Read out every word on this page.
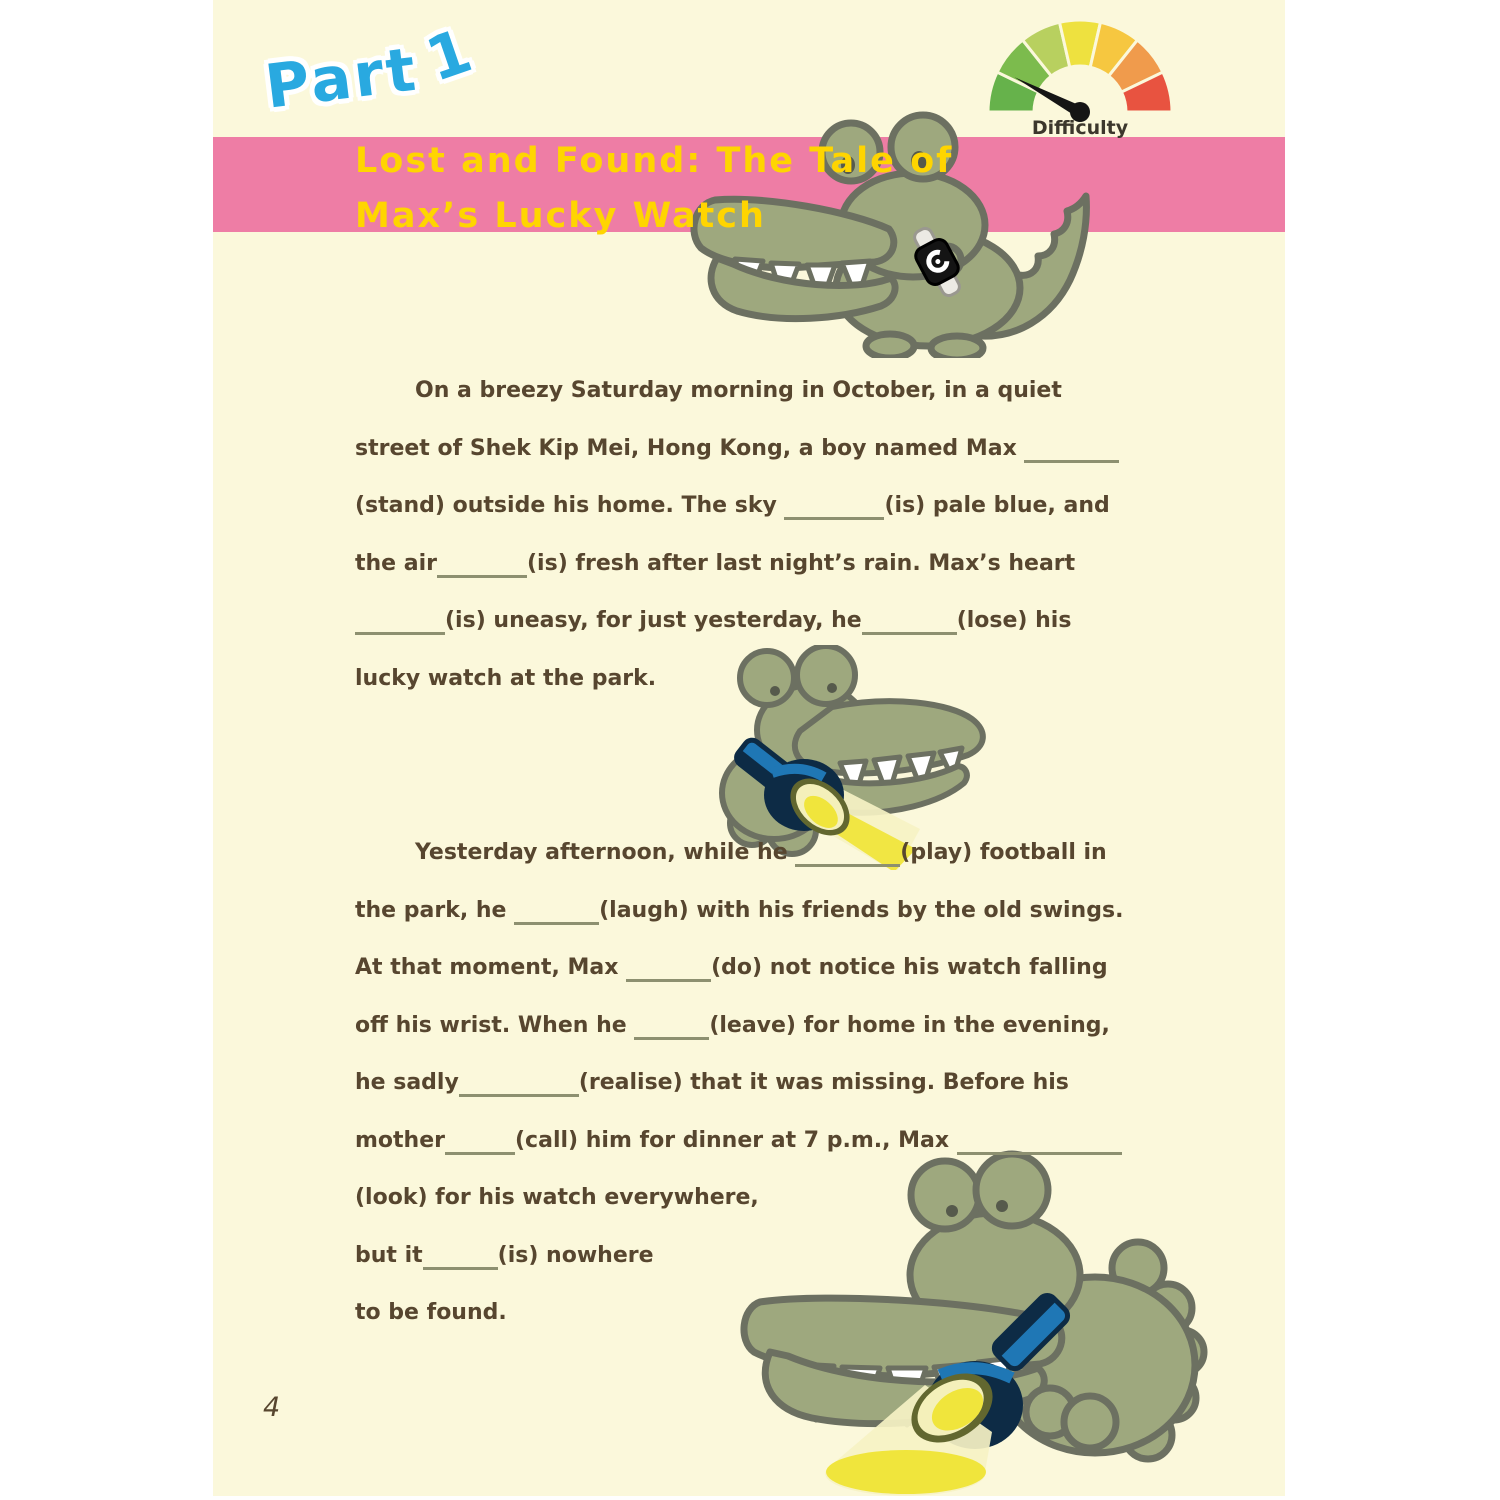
Part1
Lost and Found: The Tale of
Max’s Lucky Watch
Difficulty
On a breezy Saturday morning in October, in a quiet
street of Shek Kip Mei, Hong Kong, a boy named Max
(stand) outside his home. The sky	(is) pale blue, and
the air	(is) fresh after last night’s rain. Max’s heart
(is) uneasy, for just yesterday, he	(lose) his
lucky watch at the park.
Yesterday afternoon, while he	(play) football in
the park, he	(laugh) with his friends by the old swings.
At that moment, Max	(do) not notice his watch falling
off his wrist. When he	(leave) for home in the evening,
he sadly	(realise) that it was missing. Before his
mother	(call) him for dinner at 7 p.m., Max
(look) for his watch everywhere,
but it	(is) nowhere
to be found.
4
